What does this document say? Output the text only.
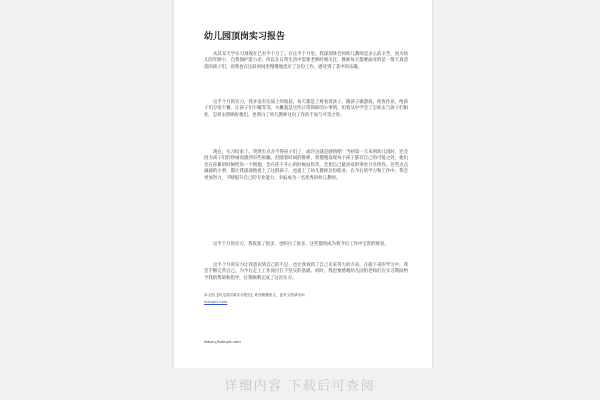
幼儿园顶岗实习报告

从其耳天学实习到现在已有半个月了。在这半个月里，我深刻体会到幼儿教师是多么的辛苦，因为幼儿的年龄小，自我保护能力差，所以在日常生活中需要老师时刻关注，教师每天都要面对的是一群天真活泼的孩子们，而我也在这段时间里慢慢地适应了这份工作，感受到了其中的乐趣。

这半个月的实习，我并没有实质上的收获，每天都是上班看着孩子，跟孩子做游戏，检查作业，给孩子们分发午餐，让孩子们午睡等等。大概就是这些日常琐碎的小事情，但我从中学会了怎样去与孩子们相处，怎样去照顾好他们，也明白了幼儿教师这份工作的不易与可贵之处。

现在，实习结束了。突然有点舍不得孩子们了，或许这就是感情吧！当初第一天来到幼儿园时，还会因为孩子们的吵闹而感到有些烦躁，但随着时间的推移，我慢慢发现每个孩子都有自己的可爱之处，他们会在你累的时候给你一个拥抱，会在你不开心的时候逗你笑，会把自己最喜欢的零食分享给你。这些点点滴滴的小事，都让我深深地爱上了这群孩子，也爱上了幼儿教师这份职业。在今后的学习和工作中，我会更加努力，不断提升自己的专业能力，争取成为一名优秀的幼儿教师。

这半个月的实习，我收获了很多，也明白了很多，这些都将成为我今后工作中宝贵的财富。

这半个月的实习让我意识到自己的不足，也让我看到了自己未来努力的方向。在接下来的学习中，我会不断完善自己，为今后走上工作岗位打下坚实的基础。同时，我也要感谢幼儿园的老师们在实习期间给予我的帮助和指导，让我顺利完成了这次实习。

本文档【幼儿园顶岗实习报告】来自酷猫美文，更多文档请访问
kukupit.com
https://kukupit.com
详细内容 下载后可查阅
